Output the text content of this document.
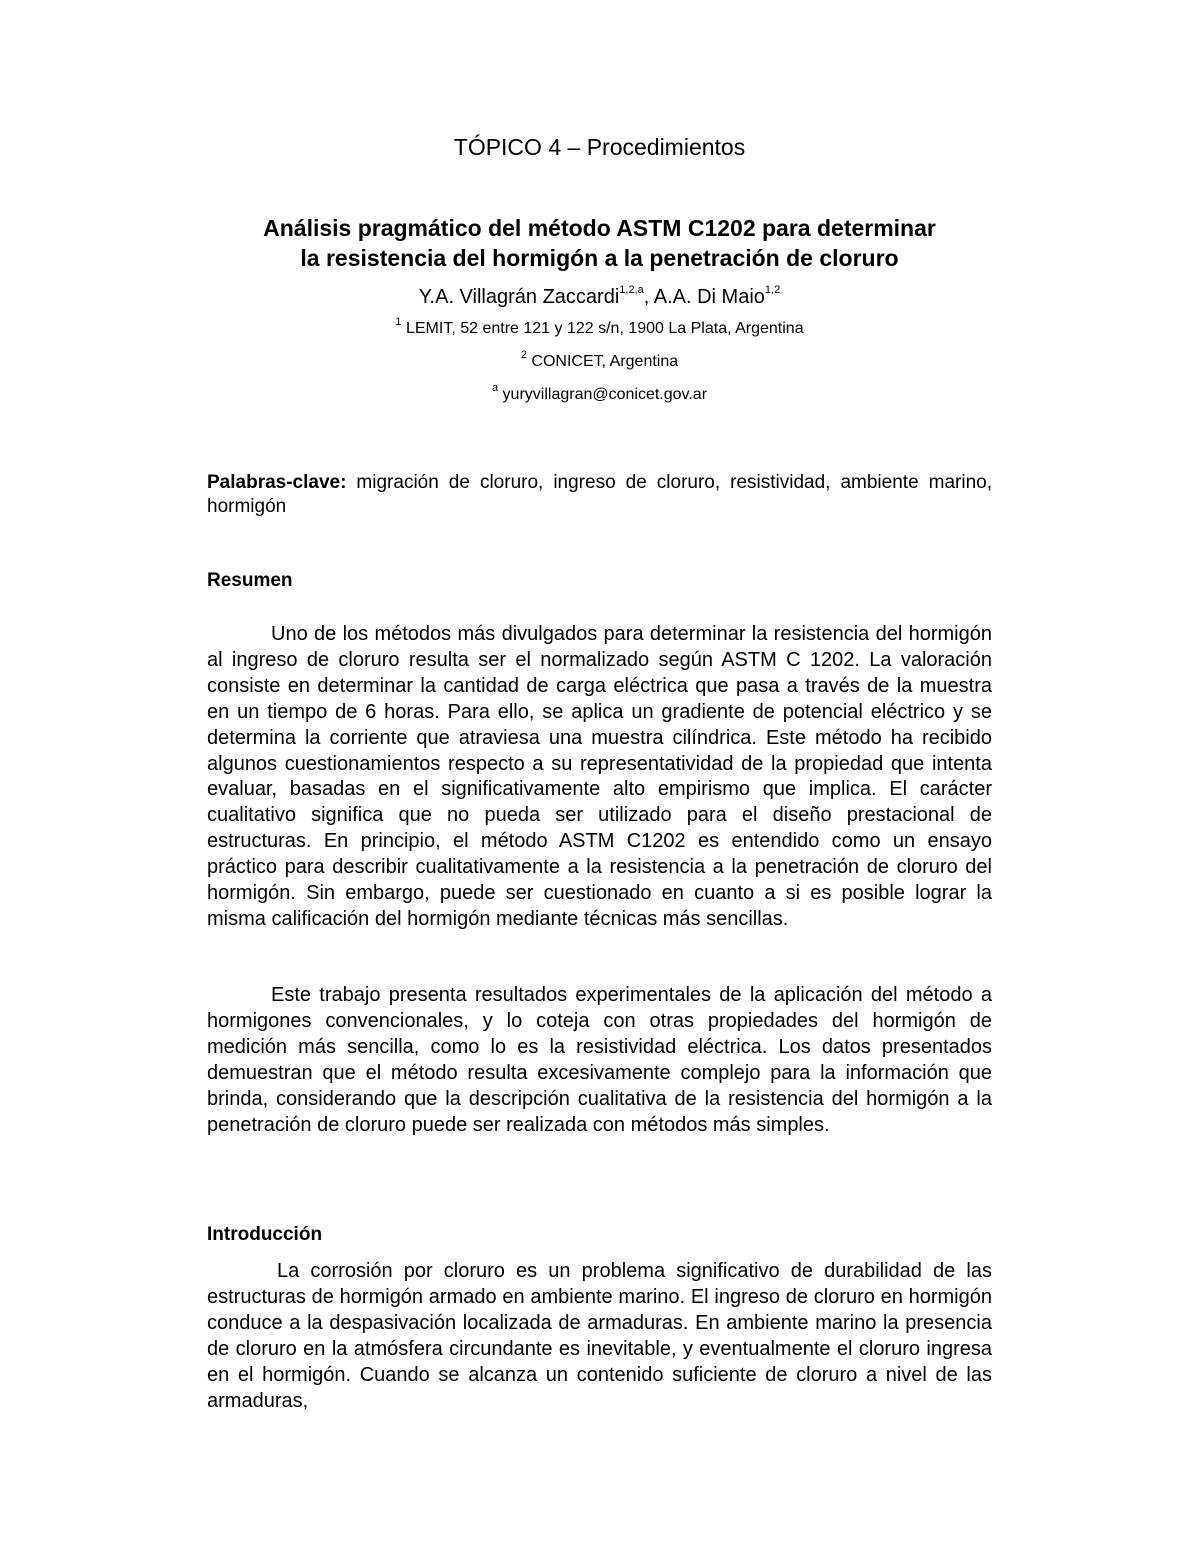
TÓPICO 4 – Procedimientos
Análisis pragmático del método ASTM C1202 para determinar
la resistencia del hormigón a la penetración de cloruro
Y.A. Villagrán Zaccardi$^{1,2,a}$, A.A. Di Maio$^{1,2}$
$^1$ LEMIT, 52 entre 121 y 122 s/n, 1900 La Plata, Argentina
$^2$ CONICET, Argentina
$^a$ yuryvillagran@conicet.gov.ar
Palabras-clave: migración de cloruro, ingreso de cloruro, resistividad, ambiente marino, hormigón
Resumen
Uno de los métodos más divulgados para determinar la resistencia del hormigón al ingreso de cloruro resulta ser el normalizado según ASTM C 1202. La valoración consiste en determinar la cantidad de carga eléctrica que pasa a través de la muestra en un tiempo de 6 horas. Para ello, se aplica un gradiente de potencial eléctrico y se determina la corriente que atraviesa una muestra cilíndrica. Este método ha recibido algunos cuestionamientos respecto a su representatividad de la propiedad que intenta evaluar, basadas en el significativamente alto empirismo que implica. El carácter cualitativo significa que no pueda ser utilizado para el diseño prestacional de estructuras. En principio, el método ASTM C1202 es entendido como un ensayo práctico para describir cualitativamente a la resistencia a la penetración de cloruro del hormigón. Sin embargo, puede ser cuestionado en cuanto a si es posible lograr la misma calificación del hormigón mediante técnicas más sencillas.
Este trabajo presenta resultados experimentales de la aplicación del método a hormigones convencionales, y lo coteja con otras propiedades del hormigón de medición más sencilla, como lo es la resistividad eléctrica. Los datos presentados demuestran que el método resulta excesivamente complejo para la información que brinda, considerando que la descripción cualitativa de la resistencia del hormigón a la penetración de cloruro puede ser realizada con métodos más simples.
Introducción
La corrosión por cloruro es un problema significativo de durabilidad de las estructuras de hormigón armado en ambiente marino. El ingreso de cloruro en hormigón conduce a la despasivación localizada de armaduras. En ambiente marino la presencia de cloruro en la atmósfera circundante es inevitable, y eventualmente el cloruro ingresa en el hormigón. Cuando se alcanza un contenido suficiente de cloruro a nivel de las armaduras,
